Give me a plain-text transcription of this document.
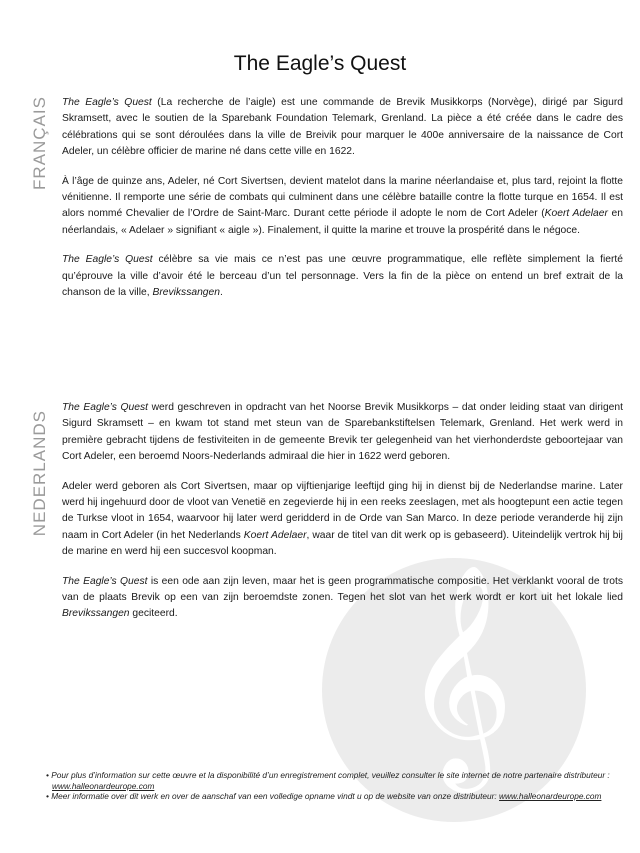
𝄞
The Eagle’s Quest
FRANÇAIS The Eagle’s Quest (La recherche de l’aigle) est une commande de Brevik Musikkorps (Norvège), dirigé par Sigurd Skramsett, avec le soutien de la Sparebank Foundation Telemark, Grenland. La pièce a été créée dans le cadre des célébrations qui se sont déroulées dans la ville de Breivik pour marquer le 400e anniversaire de la naissance de Cort Adeler, un célèbre officier de marine né dans cette ville en 1622.

À l’âge de quinze ans, Adeler, né Cort Sivertsen, devient matelot dans la marine néerlandaise et, plus tard, rejoint la flotte vénitienne. Il remporte une série de combats qui culminent dans une célèbre bataille contre la flotte turque en 1654. Il est alors nommé Chevalier de l’Ordre de Saint-Marc. Durant cette période il adopte le nom de Cort Adeler (Koert Adelaer en néerlandais, « Adelaer » signifiant « aigle »). Finalement, il quitte la marine et trouve la prospérité dans le négoce.

The Eagle’s Quest célèbre sa vie mais ce n’est pas une œuvre programmatique, elle reflète simplement la fierté qu’éprouve la ville d’avoir été le berceau d’un tel personnage. Vers la fin de la pièce on entend un bref extrait de la chanson de la ville, Brevikssangen.

NEDERLANDS

The Eagle’s Quest werd geschreven in opdracht van het Noorse Brevik Musikkorps – dat onder leiding staat van dirigent Sigurd Skramsett – en kwam tot stand met steun van de Sparebankstiftelsen Telemark, Grenland. Het werk werd in première gebracht tijdens de festiviteiten in de gemeente Brevik ter gelegenheid van het vierhonderdste geboortejaar van Cort Adeler, een beroemd Noors-Nederlands admiraal die hier in 1622 werd geboren.

Adeler werd geboren als Cort Sivertsen, maar op vijftienjarige leeftijd ging hij in dienst bij de Nederlandse marine. Later werd hij ingehuurd door de vloot van Venetië en zegevierde hij in een reeks zeeslagen, met als hoogtepunt een actie tegen de Turkse vloot in 1654, waarvoor hij later werd geridderd in de Orde van San Marco. In deze periode veranderde hij zijn naam in Cort Adeler (in het Nederlands Koert Adelaer, waar de titel van dit werk op is gebaseerd). Uiteindelijk vertrok hij bij de marine en werd hij een succesvol koopman.

The Eagle’s Quest is een ode aan zijn leven, maar het is geen programmatische compositie. Het verklankt vooral de trots van de plaats Brevik op een van zijn beroemdste zonen. Tegen het slot van het werk wordt er kort uit het lokale lied Brevikssangen geciteerd.

• Pour plus d’information sur cette œuvre et la disponibilité d’un enregistrement complet, veuillez consulter le site internet de notre partenaire distributeur : www.halleonardeurope.com
• Meer informatie over dit werk en over de aanschaf van een volledige opname vindt u op de website van onze distributeur: www.halleonardeurope.com
